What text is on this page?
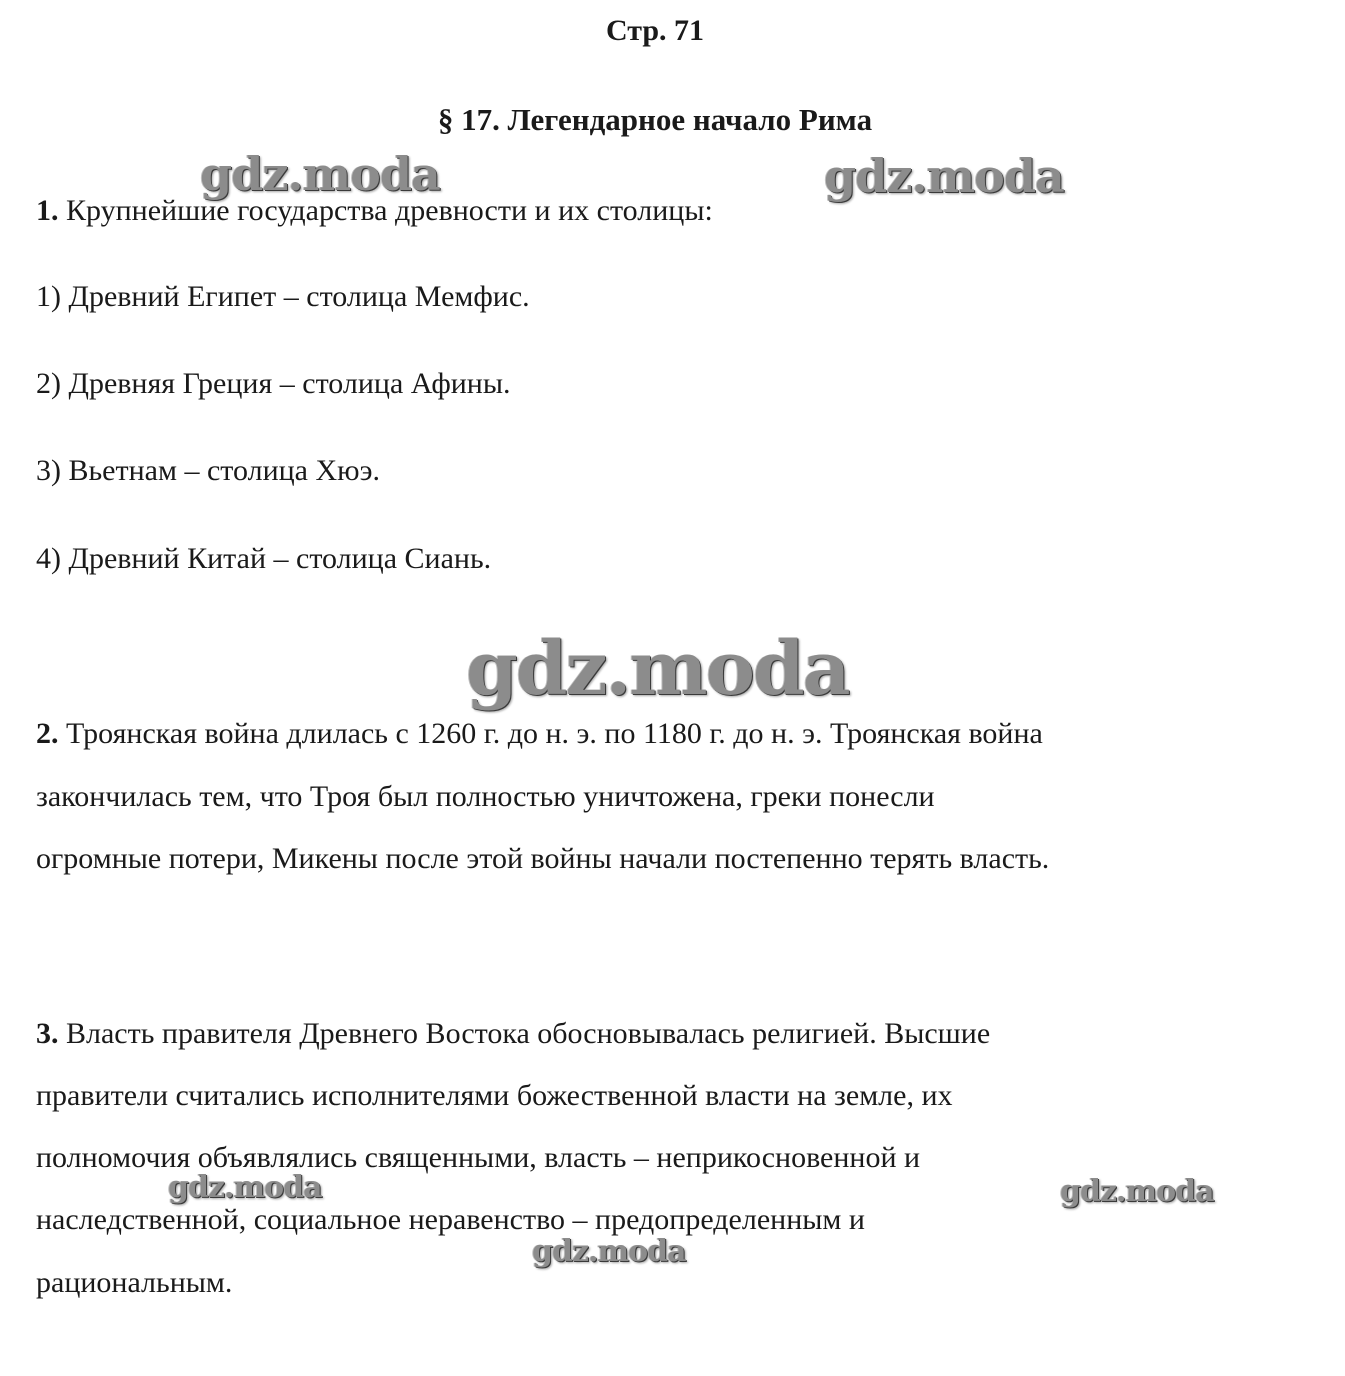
Стр. 71
§ 17. Легендарное начало Рима
1. Крупнейшие государства древности и их столицы:
1) Древний Египет – столица Мемфис.
2) Древняя Греция – столица Афины.
3) Вьетнам – столица Хюэ.
4) Древний Китай – столица Сиань.
2. Троянская война длилась с 1260 г. до н. э. по 1180 г. до н. э. Троянская война
закончилась тем, что Троя был полностью уничтожена, греки понесли
огромные потери, Микены после этой войны начали постепенно терять власть.
3. Власть правителя Древнего Востока обосновывалась религией. Высшие
правители считались исполнителями божественной власти на земле, их
полномочия объявлялись священными, власть – неприкосновенной и
наследственной, социальное неравенство – предопределенным и
рациональным.
gdz.moda	gdz.moda
gdz.moda
gdz.moda	gdz.moda
gdz.moda
